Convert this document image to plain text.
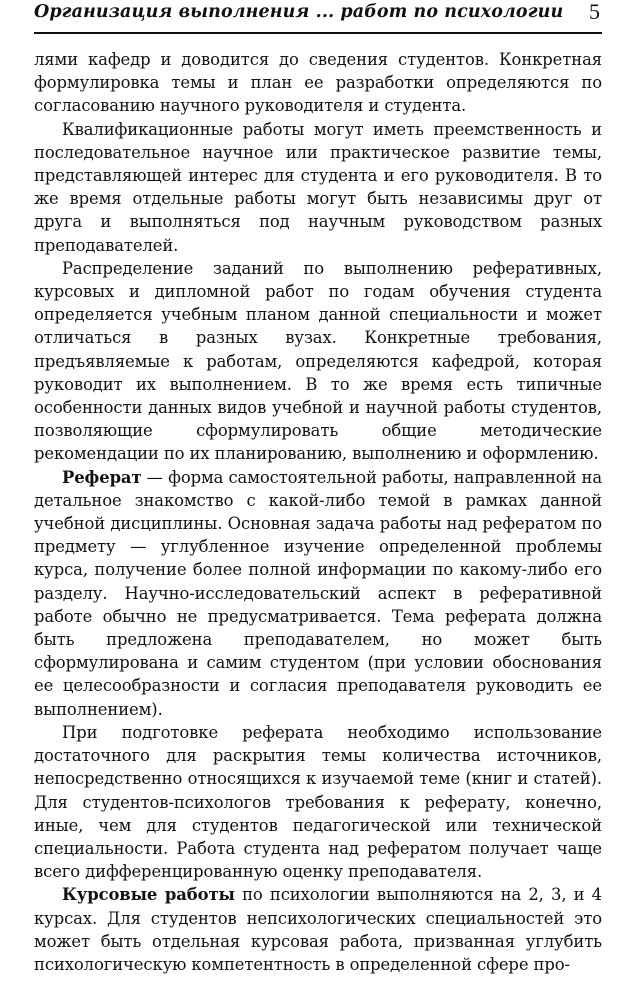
Организация выполнения ... работ по психологии 5

лями кафедр и доводится до сведения студентов. Конкретная формулировка темы и план ее разработки определяются по согласованию научного руководителя и студента.

Квалификационные работы могут иметь преемственность и последовательное научное или практическое развитие темы, представляющей интерес для студента и его руководителя. В то же время отдельные работы могут быть независимы друг от друга и выполняться под научным руководством разных преподавателей.

Распределение заданий по выполнению реферативных, курсовых и дипломной работ по годам обучения студента определяется учебным планом данной специальности и может отличаться в разных вузах. Конкретные требования, предъявляемые к работам, определяются кафедрой, которая руководит их выполнением. В то же время есть типичные особенности данных видов учебной и научной работы студентов, позволяющие сформулировать общие методические рекомендации по их планированию, выполнению и оформлению.

Реферат — форма самостоятельной работы, направленной на детальное знакомство с какой-либо темой в рамках данной учебной дисциплины. Основная задача работы над рефератом по предмету — углубленное изучение определенной проблемы курса, получение более полной информации по какому-либо его разделу. Научно-исследовательский аспект в реферативной работе обычно не предусматривается. Тема реферата должна быть предложена преподавателем, но может быть сформулирована и самим студентом (при условии обоснования ее целесообразности и согласия преподавателя руководить ее выполнением).

При подготовке реферата необходимо использование достаточного для раскрытия темы количества источников, непосредственно относящихся к изучаемой теме (книг и статей). Для студентов-психологов требования к реферату, конечно, иные, чем для студентов педагогической или технической специальности. Работа студента над рефератом получает чаще всего дифференцированную оценку преподавателя.

Курсовые работы по психологии выполняются на 2, 3, и 4 курсах. Для студентов непсихологических специальностей это может быть отдельная курсовая работа, призванная углубить психологическую компетентность в определенной сфере про-
